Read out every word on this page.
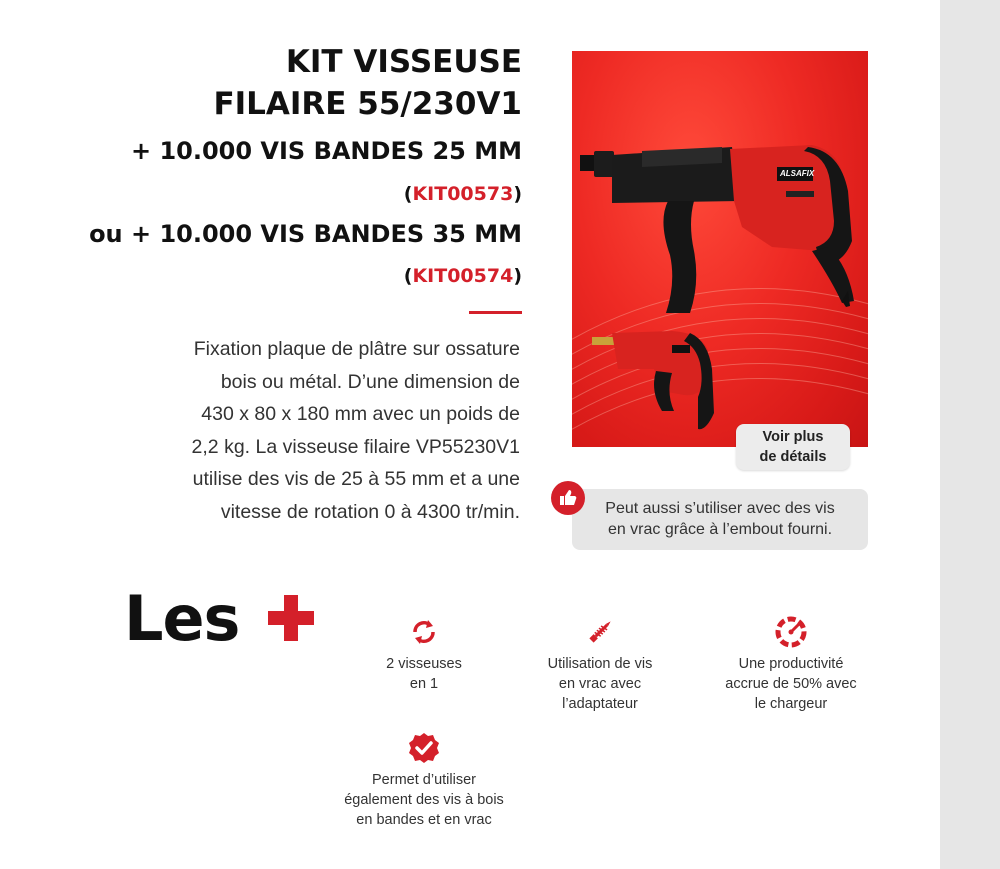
KIT VISSEUSE
FILAIRE 55/230V1
+ 10.000 VIS BANDES 25 MM
(KIT00573)
ou + 10.000 VIS BANDES 35 MM
(KIT00574)
Fixation plaque de plâtre sur ossature
bois ou métal. D’une dimension de
430 x 80 x 180 mm avec un poids de
2,2 kg. La visseuse filaire VP55230V1
utilise des vis de 25 à 55 mm et a une
vitesse de rotation 0 à 4300 tr/min.
ALSAFIX
Voir plus
de détails
Peut aussi s’utiliser avec des vis
en vrac grâce à l’embout fourni.
Les
2 visseuses
en 1
Utilisation de vis
en vrac avec
l’adaptateur
Une productivité
accrue de 50% avec
le chargeur
Permet d’utiliser
également des vis à bois
en bandes et en vrac
